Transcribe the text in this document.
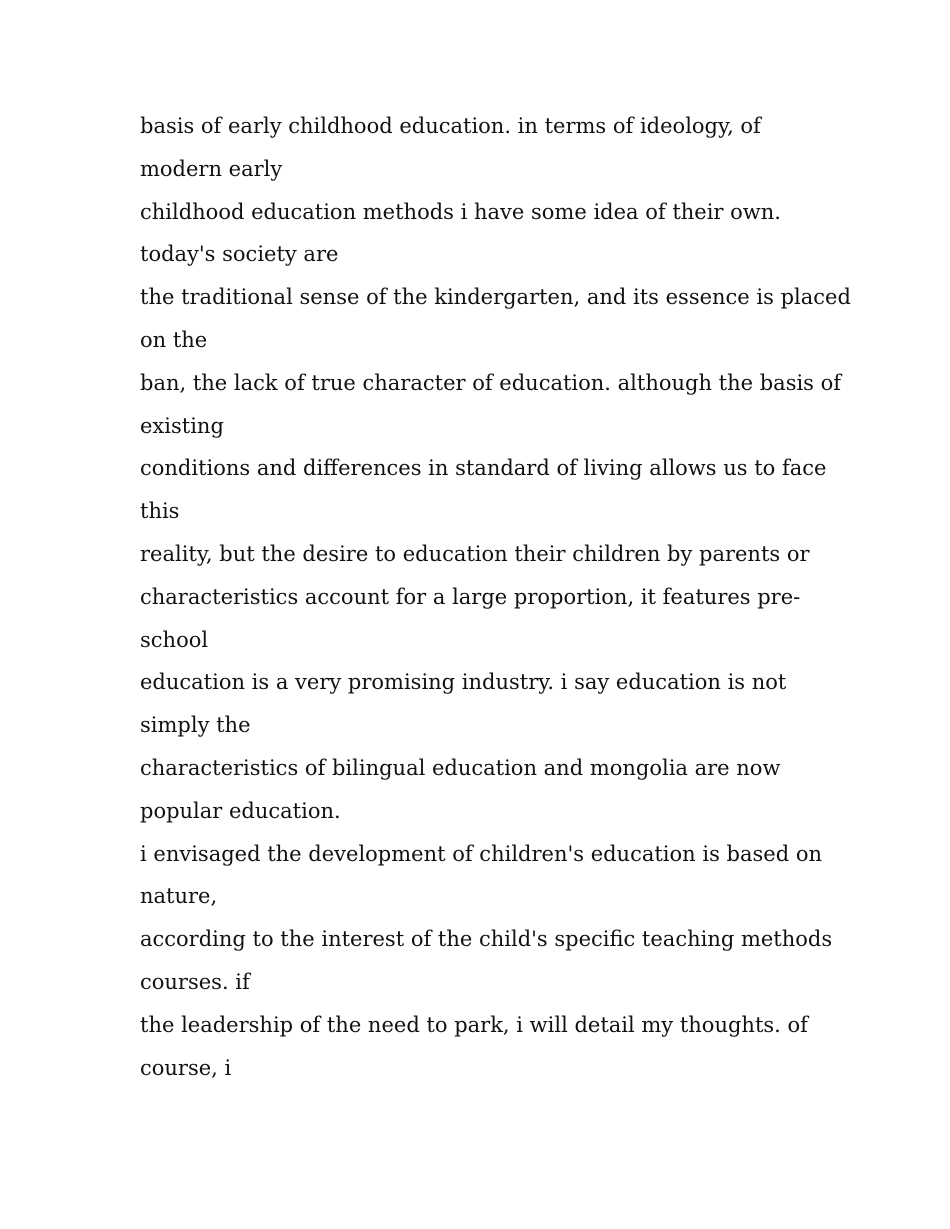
basis of early childhood education. in terms of ideology, of
modern early
childhood education methods i have some idea of their own.
today's society are
the traditional sense of the kindergarten, and its essence is placed
on the
ban, the lack of true character of education. although the basis of
existing
conditions and differences in standard of living allows us to face
this
reality, but the desire to education their children by parents or
characteristics account for a large proportion, it features pre-
school
education is a very promising industry. i say education is not
simply the
characteristics of bilingual education and mongolia are now
popular education.
i envisaged the development of children's education is based on
nature,
according to the interest of the child's specific teaching methods
courses. if
the leadership of the need to park, i will detail my thoughts. of
course, i
